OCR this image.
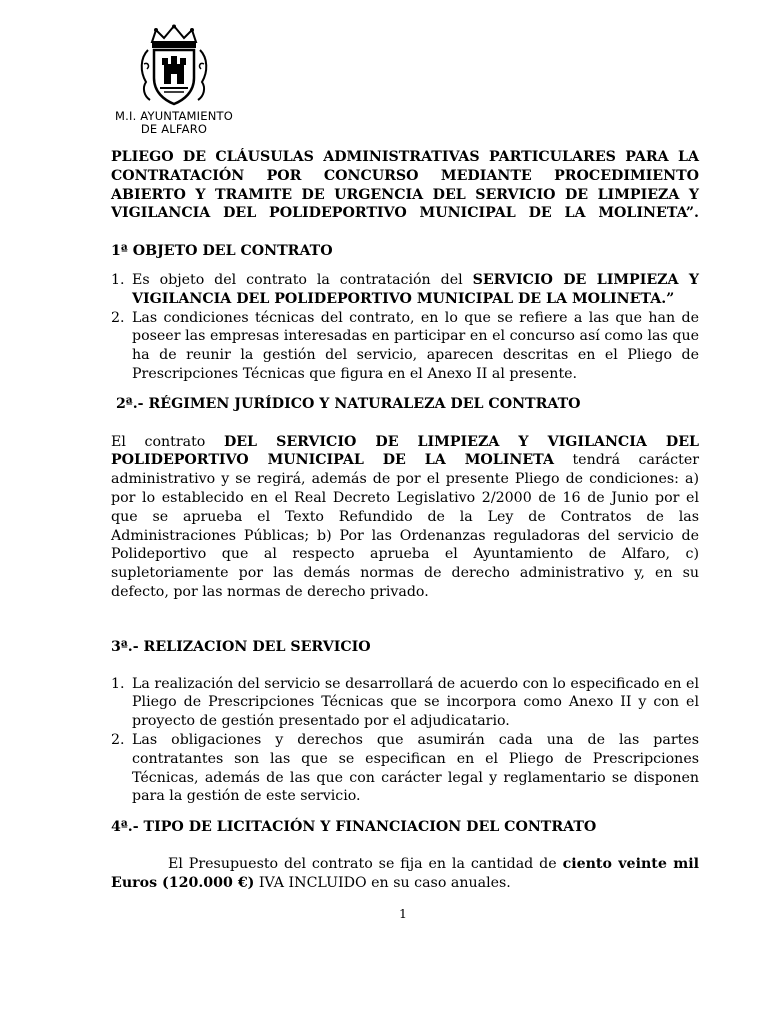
M.I. AYUNTAMIENTO
DE ALFARO

PLIEGO DE CLÁUSULAS ADMINISTRATIVAS PARTICULARES PARA LA CONTRATACIÓN POR CONCURSO MEDIANTE PROCEDIMIENTO ABIERTO Y TRAMITE DE URGENCIA DEL SERVICIO DE LIMPIEZA Y VIGILANCIA DEL POLIDEPORTIVO MUNICIPAL DE LA MOLINETA”.

1ª OBJETO DEL CONTRATO

1. Es objeto del contrato la contratación del SERVICIO DE LIMPIEZA Y VIGILANCIA DEL POLIDEPORTIVO MUNICIPAL DE LA MOLINETA.”
2. Las condiciones técnicas del contrato, en lo que se refiere a las que han de poseer las empresas interesadas en participar en el concurso así como las que ha de reunir la gestión del servicio, aparecen descritas en el Pliego de Prescripciones Técnicas que figura en el Anexo II al presente.

2ª.- RÉGIMEN JURÍDICO Y NATURALEZA DEL CONTRATO

El contrato DEL SERVICIO DE LIMPIEZA Y VIGILANCIA DEL POLIDEPORTIVO MUNICIPAL DE LA MOLINETA tendrá carácter administrativo y se regirá, además de por el presente Pliego de condiciones: a) por lo establecido en el Real Decreto Legislativo 2/2000 de 16 de Junio por el que se aprueba el Texto Refundido de la Ley de Contratos de las Administraciones Públicas; b) Por las Ordenanzas reguladoras del servicio de Polideportivo que al respecto aprueba el Ayuntamiento de Alfaro, c) supletoriamente por las demás normas de derecho administrativo y, en su defecto, por las normas de derecho privado.

3ª.- RELIZACION DEL SERVICIO

1. La realización del servicio se desarrollará de acuerdo con lo especificado en el Pliego de Prescripciones Técnicas que se incorpora como Anexo II y con el proyecto de gestión presentado por el adjudicatario.
2. Las obligaciones y derechos que asumirán cada una de las partes contratantes son las que se especifican en el Pliego de Prescripciones Técnicas, además de las que con carácter legal y reglamentario se disponen para la gestión de este servicio.

4ª.- TIPO DE LICITACIÓN Y FINANCIACION DEL CONTRATO

El Presupuesto del contrato se fija en la cantidad de ciento veinte mil Euros (120.000 €) IVA INCLUIDO en su caso anuales.

1
